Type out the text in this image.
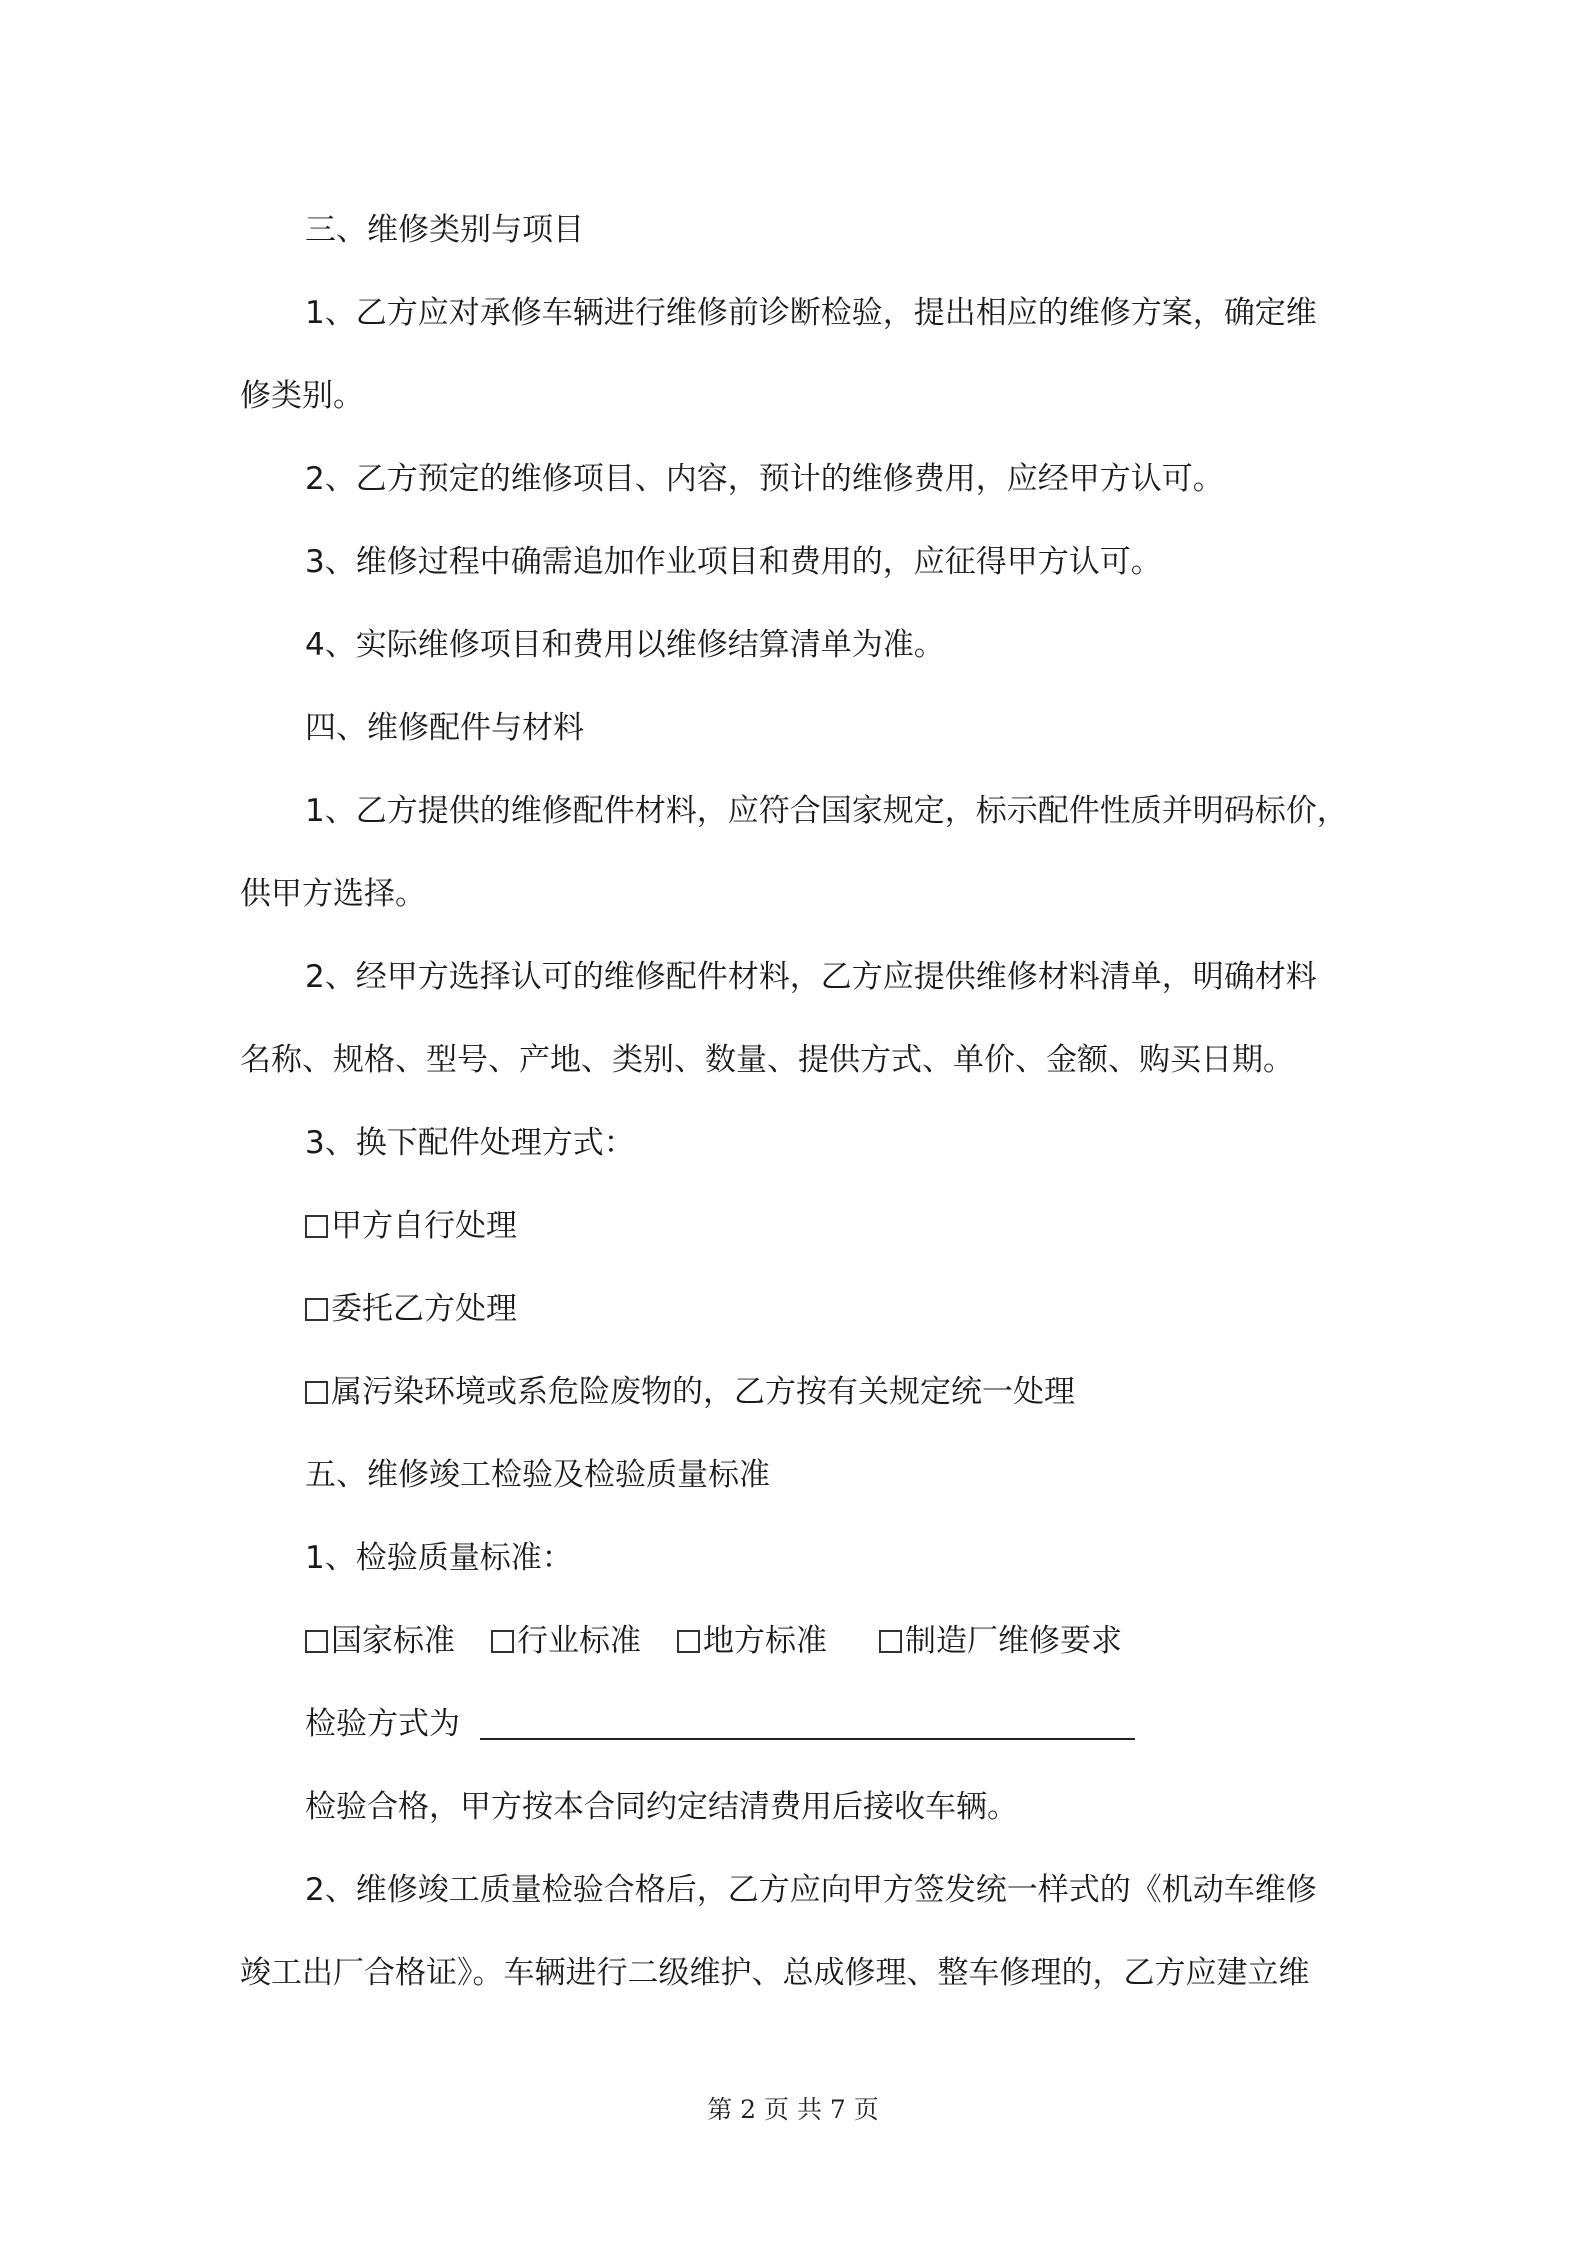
三、维修类别与项目
1、乙方应对承修车辆进行维修前诊断检验，提出相应的维修方案，确定维
修类别。
2、乙方预定的维修项目、内容，预计的维修费用，应经甲方认可。
3、维修过程中确需追加作业项目和费用的，应征得甲方认可。
4、实际维修项目和费用以维修结算清单为准。
四、维修配件与材料
1、乙方提供的维修配件材料，应符合国家规定，标示配件性质并明码标价，
供甲方选择。
2、经甲方选择认可的维修配件材料，乙方应提供维修材料清单，明确材料
名称、规格、型号、产地、类别、数量、提供方式、单价、金额、购买日期。
3、换下配件处理方式：
甲方自行处理
委托乙方处理
属污染环境或系危险废物的，乙方按有关规定统一处理
五、维修竣工检验及检验质量标准
1、检验质量标准：
国家标准 行业标准 地方标准	制造厂维修要求
检验方式为
检验合格，甲方按本合同约定结清费用后接收车辆。
2、维修竣工质量检验合格后，乙方应向甲方签发统一样式的《机动车维修
竣工出厂合格证》。车辆进行二级维护、总成修理、整车修理的，乙方应建立维
第 2 页 共 7 页
